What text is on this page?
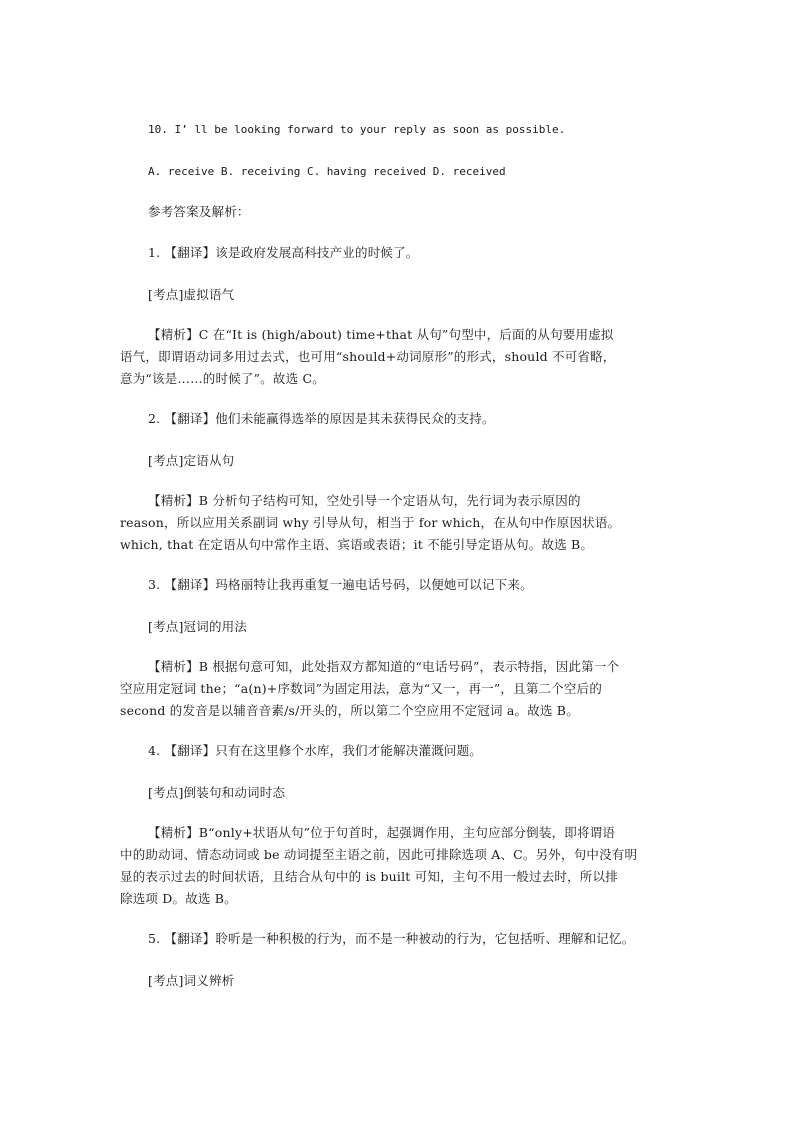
10. I’ ll be looking forward to your reply as soon as possible.
A. receive B. receiving C. having received D. received
参考答案及解析：
1. 【翻译】该是政府发展高科技产业的时候了。
[考点]虚拟语气
【精析】C 在“It is (high/about) time+that 从句”句型中，后面的从句要用虚拟
语气，即谓语动词多用过去式，也可用“should+动词原形”的形式，should 不可省略，
意为“该是……的时候了”。故选 C。
2. 【翻译】他们未能赢得选举的原因是其未获得民众的支持。
[考点]定语从句
【精析】B 分析句子结构可知，空处引导一个定语从句，先行词为表示原因的
reason，所以应用关系副词 why 引导从句，相当于 for which，在从句中作原因状语。
which, that 在定语从句中常作主语、宾语或表语；it 不能引导定语从句。故选 B。
3. 【翻译】玛格丽特让我再重复一遍电话号码，以便她可以记下来。
[考点]冠词的用法
【精析】B 根据句意可知，此处指双方都知道的“电话号码”，表示特指，因此第一个
空应用定冠词 the；“a(n)+序数词”为固定用法，意为“又一，再一”，且第二个空后的
second 的发音是以辅音音素/s/开头的，所以第二个空应用不定冠词 a。故选 B。
4. 【翻译】只有在这里修个水库，我们才能解决灌溉问题。
[考点]倒装句和动词时态
【精析】B“only+状语从句”位于句首时，起强调作用，主句应部分倒装，即将谓语
中的助动词、情态动词或 be 动词提至主语之前，因此可排除选项 A、C。另外，句中没有明
显的表示过去的时间状语，且结合从句中的 is built 可知，主句不用一般过去时，所以排
除选项 D。故选 B。
5. 【翻译】聆听是一种积极的行为，而不是一种被动的行为，它包括听、理解和记忆。
[考点]词义辨析
